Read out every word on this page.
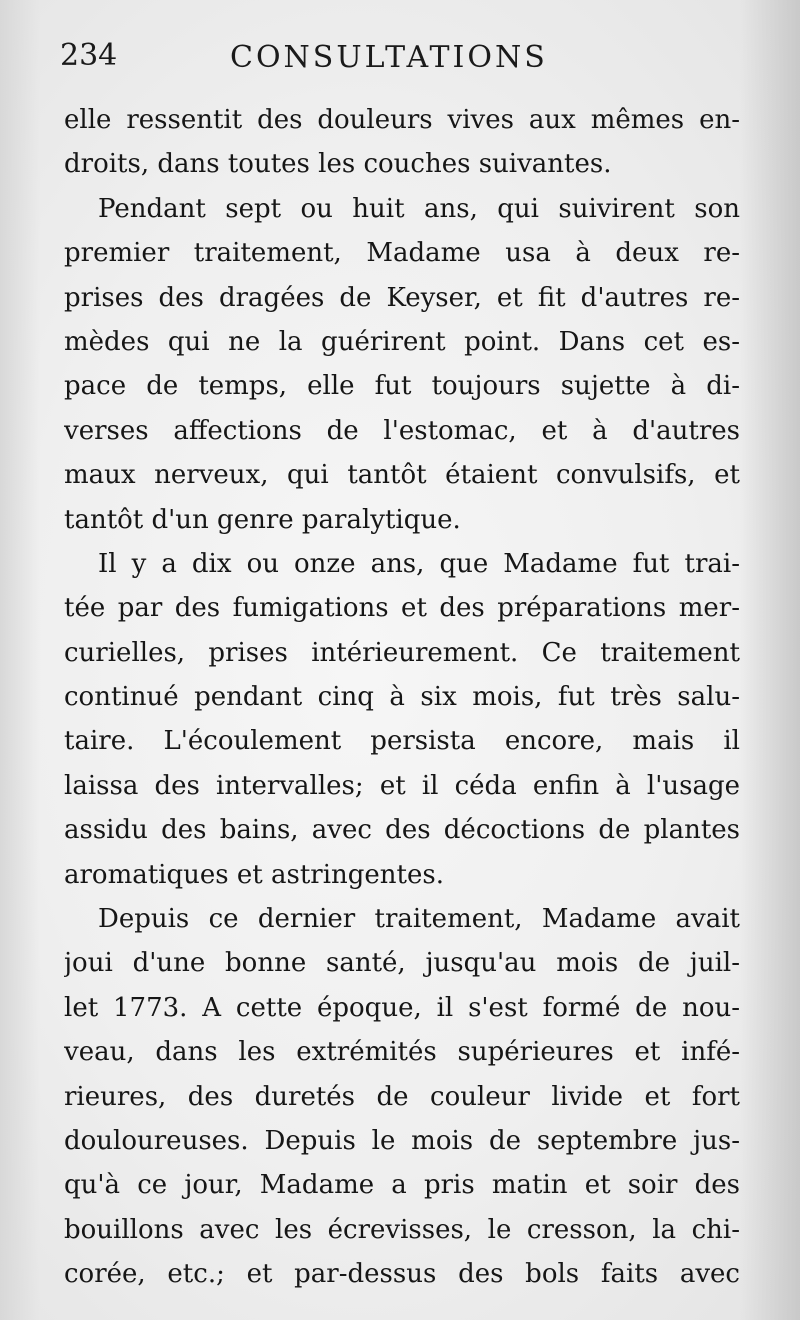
234	CONSULTATIONS
elle ressentit des douleurs vives aux mêmes en-
droits, dans toutes les couches suivantes.
Pendant sept ou huit ans, qui suivirent son
premier traitement, Madame usa à deux re-
prises des dragées de Keyser, et fit d'autres re-
mèdes qui ne la guérirent point. Dans cet es-
pace de temps, elle fut toujours sujette à di-
verses affections de l'estomac, et à d'autres
maux nerveux, qui tantôt étaient convulsifs, et
tantôt d'un genre paralytique.
Il y a dix ou onze ans, que Madame fut trai-
tée par des fumigations et des préparations mer-
curielles, prises intérieurement. Ce traitement
continué pendant cinq à six mois, fut très salu-
taire. L'écoulement persista encore, mais il
laissa des intervalles; et il céda enfin à l'usage
assidu des bains, avec des décoctions de plantes
aromatiques et astringentes.
Depuis ce dernier traitement, Madame avait
joui d'une bonne santé, jusqu'au mois de juil-
let 1773. A cette époque, il s'est formé de nou-
veau, dans les extrémités supérieures et infé-
rieures, des duretés de couleur livide et fort
douloureuses. Depuis le mois de septembre jus-
qu'à ce jour, Madame a pris matin et soir des
bouillons avec les écrevisses, le cresson, la chi-
corée, etc.; et par-dessus des bols faits avec
